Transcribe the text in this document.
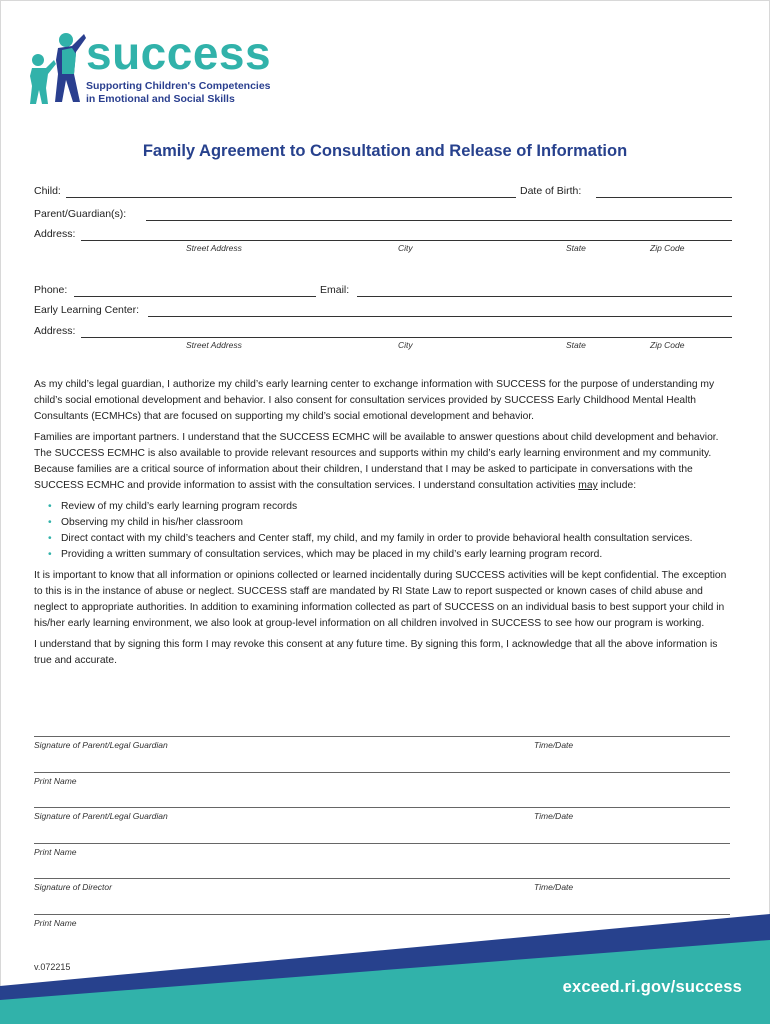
success
Supporting Children's Competencies
in Emotional and Social Skills
Family Agreement to Consultation and Release of Information
Child:	Date of Birth:
Parent/Guardian(s):
Address:
Street Address	City	State	Zip Code
Phone:	Email:
Early Learning Center:
Address:
Street Address	City	State	Zip Code

As my child’s legal guardian, I authorize my child’s early learning center to exchange information with SUCCESS for the purpose of understanding my child’s social emotional development and behavior. I also consent for consultation services provided by SUCCESS Early Childhood Mental Health Consultants (ECMHCs) that are focused on supporting my child’s social emotional development and behavior.

Families are important partners. I understand that the SUCCESS ECMHC will be available to answer questions about child development and behavior. The SUCCESS ECMHC is also available to provide relevant resources and supports within my child’s early learning environment and my community. Because families are a critical source of information about their children, I understand that I may be asked to participate in conversations with the SUCCESS ECMHC and provide information to assist with the consultation services. I understand consultation activities may include:

• Review of my child’s early learning program records
• Observing my child in his/her classroom
• Direct contact with my child’s teachers and Center staff, my child, and my family in order to provide behavioral health consultation services.
• Providing a written summary of consultation services, which may be placed in my child’s early learning program record.

It is important to know that all information or opinions collected or learned incidentally during SUCCESS activities will be kept confidential. The exception to this is in the instance of abuse or neglect. SUCCESS staff are mandated by RI State Law to report suspected or known cases of child abuse and neglect to appropriate authorities. In addition to examining information collected as part of SUCCESS on an individual basis to best support your child in his/her early learning environment, we also look at group-level information on all children involved in SUCCESS to see how our program is working.

I understand that by signing this form I may revoke this consent at any future time. By signing this form, I acknowledge that all the above information is true and accurate.

Signature of Parent/Legal Guardian	Time/Date
Print Name
Signature of Parent/Legal Guardian	Time/Date
Print Name
Signature of Director	Time/Date
Print Name
v.072215
exceed.ri.gov/success
